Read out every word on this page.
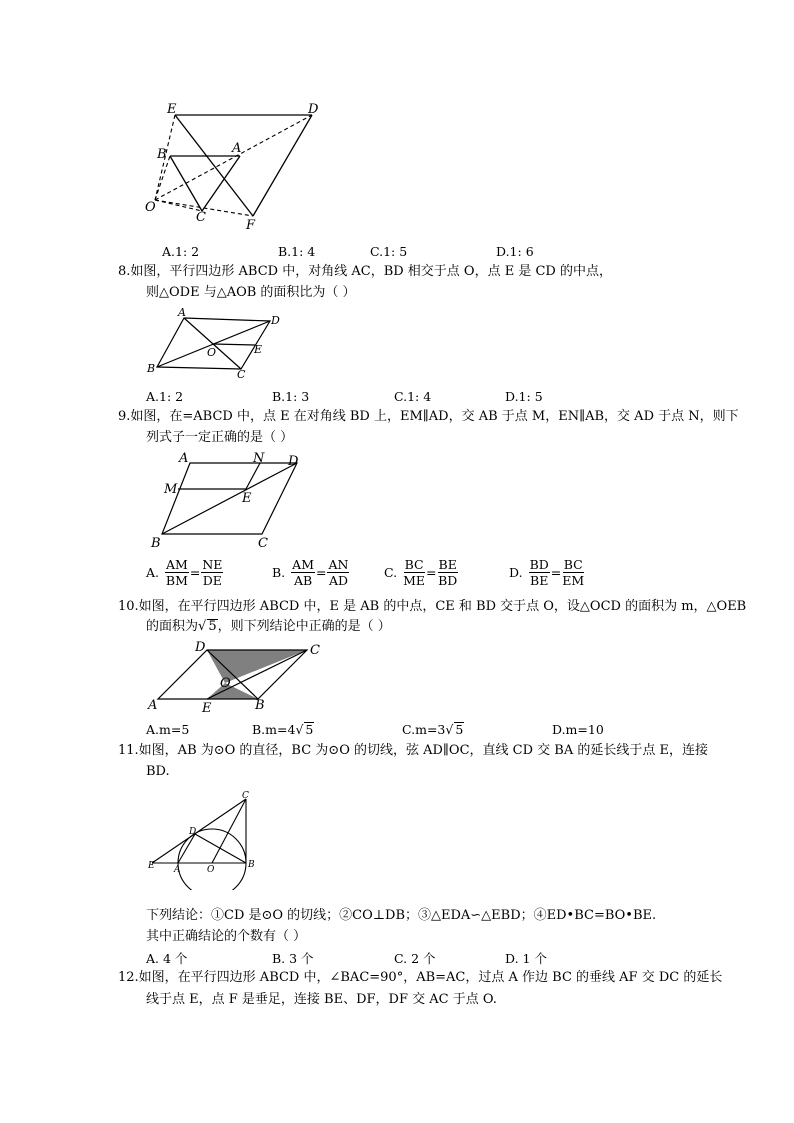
E	D
B	A
O
C
F
A.1: 2	B.1: 4	C.1: 5	D.1: 6
8.如图，平行四边形 ABCD 中，对角线 AC，BD 相交于点 O，点 E 是 CD 的中点，
则△ODE 与△AOB 的面积比为（ ）
A
D
O	E
B	C
A.1: 2	B.1: 3	C.1: 4	D.1: 5
9.如图，在=ABCD 中，点 E 在对角线 BD 上，EM∥AD，交 AB 于点 M，EN∥AB，交 AD 于点 N，则下
列式子一定正确的是（ ）
A	N D
M
E
B	C
A. $\frac{AM}{BM} = \frac{NE}{DE}$	B. $\frac{AM}{AB} = \frac{AN}{AD}$	C. $\frac{BC}{ME} = \frac{BE}{BD}$	D. $\frac{BD}{BE} = \frac{BC}{EM}$
10.如图，在平行四边形 ABCD 中，E 是 AB 的中点，CE 和 BD 交于点 O，设△OCD 的面积为 m，△OEB
的面积为√ 5，则下列结论中正确的是（ ）
D	C
O
A	E	B
A.m=5	B.m=4√ 5	C.m=3√ 5	D.m=10
11.如图，AB 为⊙O 的直径，BC 为⊙O 的切线，弦 AD∥OC，直线 CD 交 BA 的延长线于点 E，连接
BD.
C
D
E A	O	B
下列结论：①CD 是⊙O 的切线；②CO⊥DB；③△EDA∽△EBD；④ED•BC=BO•BE.
其中正确结论的个数有（ ）
A. 4 个	B. 3 个	C. 2 个	D. 1 个
12.如图，在平行四边形 ABCD 中，∠BAC=90°，AB=AC，过点 A 作边 BC 的垂线 AF 交 DC 的延长
线于点 E，点 F 是垂足，连接 BE、DF，DF 交 AC 于点 O.
